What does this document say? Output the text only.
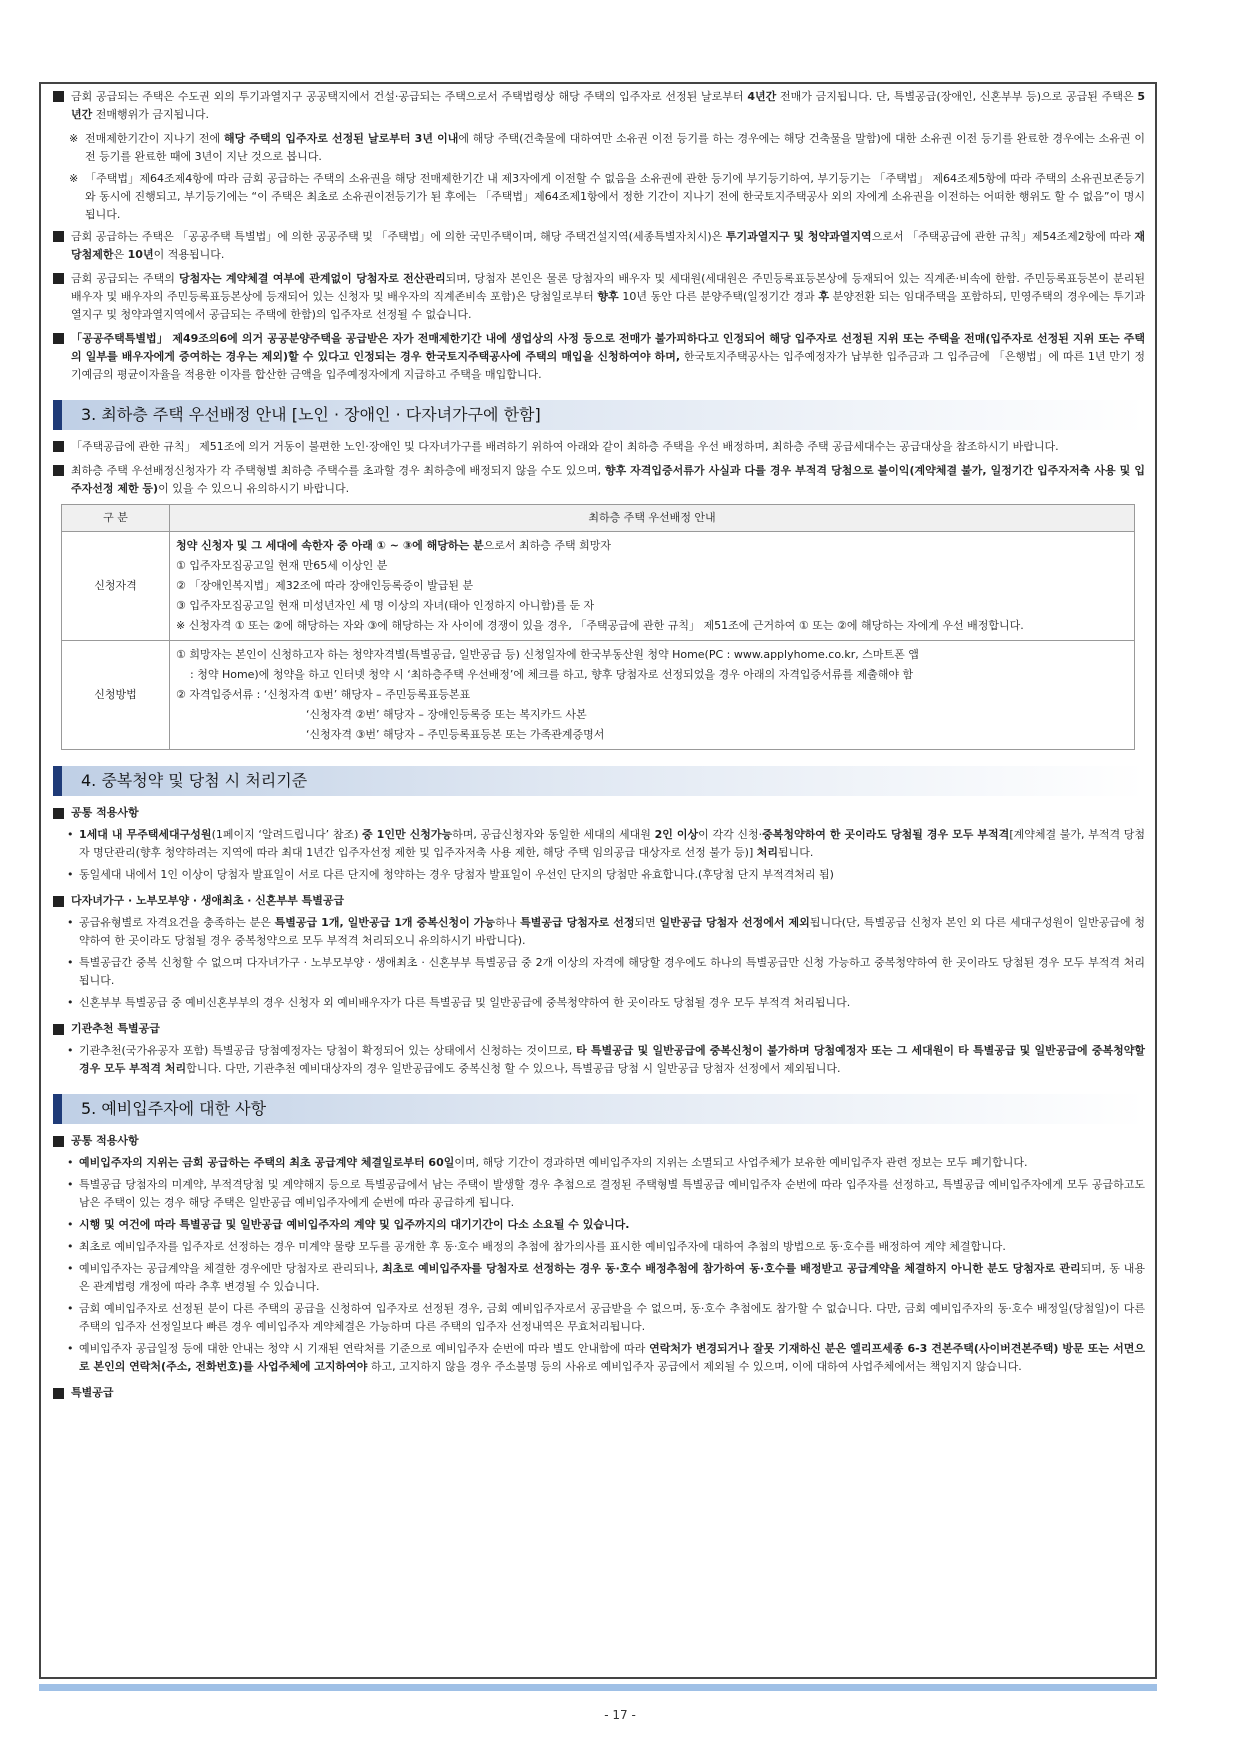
금회 공급되는 주택은 수도권 외의 투기과열지구 공공택지에서 건설·공급되는 주택으로서 주택법령상 해당 주택의 입주자로 선정된 날로부터 4년간 전매가 금지됩니다. 단, 특별공급(장애인, 신혼부부 등)으로 공급된 주택은 5년간 전매행위가 금지됩니다.
※ 전매제한기간이 지나기 전에 해당 주택의 입주자로 선정된 날로부터 3년 이내에 해당 주택(건축물에 대하여만 소유권 이전 등기를 하는 경우에는 해당 건축물을 말함)에 대한 소유권 이전 등기를 완료한 경우에는 소유권 이전 등기를 완료한 때에 3년이 지난 것으로 봅니다.
※ 「주택법」제64조제4항에 따라 금회 공급하는 주택의 소유권을 해당 전매제한기간 내 제3자에게 이전할 수 없음을 소유권에 관한 등기에 부기등기하여, 부기등기는 「주택법」 제64조제5항에 따라 주택의 소유권보존등기와 동시에 진행되고, 부기등기에는 “이 주택은 최초로 소유권이전등기가 된 후에는 「주택법」제64조제1항에서 정한 기간이 지나기 전에 한국토지주택공사 외의 자에게 소유권을 이전하는 어떠한 행위도 할 수 없음”이 명시됩니다.
금회 공급하는 주택은 「공공주택 특별법」에 의한 공공주택 및 「주택법」에 의한 국민주택이며, 해당 주택건설지역(세종특별자치시)은 투기과열지구 및 청약과열지역으로서 「주택공급에 관한 규칙」제54조제2항에 따라 재당첨제한은 10년이 적용됩니다.
금회 공급되는 주택의 당첨자는 계약체결 여부에 관계없이 당첨자로 전산관리되며, 당첨자 본인은 물론 당첨자의 배우자 및 세대원(세대원은 주민등록표등본상에 등재되어 있는 직계존·비속에 한함. 주민등록표등본이 분리된 배우자 및 배우자의 주민등록표등본상에 등재되어 있는 신청자 및 배우자의 직계존비속 포함)은 당첨일로부터 향후 10년 동안 다른 분양주택(일정기간 경과 후 분양전환 되는 임대주택을 포함하되, 민영주택의 경우에는 투기과열지구 및 청약과열지역에서 공급되는 주택에 한함)의 입주자로 선정될 수 없습니다.
「공공주택특별법」 제49조의6에 의거 공공분양주택을 공급받은 자가 전매제한기간 내에 생업상의 사정 등으로 전매가 불가피하다고 인정되어 해당 입주자로 선정된 지위 또는 주택을 전매(입주자로 선정된 지위 또는 주택의 일부를 배우자에게 증여하는 경우는 제외)할 수 있다고 인정되는 경우 한국토지주택공사에 주택의 매입을 신청하여야 하며, 한국토지주택공사는 입주예정자가 납부한 입주금과 그 입주금에 「은행법」에 따른 1년 만기 정기예금의 평균이자율을 적용한 이자를 합산한 금액을 입주예정자에게 지급하고 주택을 매입합니다.
3. 최하층 주택 우선배정 안내 [노인 · 장애인 · 다자녀가구에 한함]
「주택공급에 관한 규칙」 제51조에 의거 거동이 불편한 노인·장애인 및 다자녀가구를 배려하기 위하여 아래와 같이 최하층 주택을 우선 배정하며, 최하층 주택 공급세대수는 공급대상을 참조하시기 바랍니다.
최하층 주택 우선배정신청자가 각 주택형별 최하층 주택수를 초과할 경우 최하층에 배정되지 않을 수도 있으며, 향후 자격입증서류가 사실과 다를 경우 부적격 당첨으로 불이익(계약체결 불가, 일정기간 입주자저축 사용 및 입주자선정 제한 등)이 있을 수 있으니 유의하시기 바랍니다.
구 분	최하층 주택 우선배정 안내
신청자격	청약 신청자 및 그 세대에 속한자 중 아래 ① ~ ③에 해당하는 분으로서 최하층 주택 희망자
① 입주자모집공고일 현재 만65세 이상인 분
② 「장애인복지법」제32조에 따라 장애인등록증이 발급된 분
③ 입주자모집공고일 현재 미성년자인 세 명 이상의 자녀(태아 인정하지 아니함)를 둔 자
※ 신청자격 ① 또는 ②에 해당하는 자와 ③에 해당하는 자 사이에 경쟁이 있을 경우, 「주택공급에 관한 규칙」 제51조에 근거하여 ① 또는 ②에 해당하는 자에게 우선 배정합니다.

신청방법	① 희망자는 본인이 신청하고자 하는 청약자격별(특별공급, 일반공급 등) 신청일자에 한국부동산원 청약 Home(PC : www.applyhome.co.kr, 스마트폰 앱
: 청약 Home)에 청약을 하고 인터넷 청약 시 ‘최하층주택 우선배정’에 체크를 하고, 향후 당첨자로 선정되었을 경우 아래의 자격입증서류를 제출해야 함
② 자격입증서류 : ‘신청자격 ①번’ 해당자 – 주민등록표등본표
‘신청자격 ②번’ 해당자 – 장애인등록증 또는 복지카드 사본
‘신청자격 ③번’ 해당자 – 주민등록표등본 또는 가족관계증명서
4. 중복청약 및 당첨 시 처리기준
공통 적용사항
• 1세대 내 무주택세대구성원(1페이지 ‘알려드립니다’ 참조) 중 1인만 신청가능하며, 공급신청자와 동일한 세대의 세대원 2인 이상이 각각 신청·중복청약하여 한 곳이라도 당첨될 경우 모두 부적격[계약체결 불가, 부적격 당첨자 명단관리(향후 청약하려는 지역에 따라 최대 1년간 입주자선정 제한 및 입주자저축 사용 제한, 해당 주택 임의공급 대상자로 선정 불가 등)] 처리됩니다.
• 동일세대 내에서 1인 이상이 당첨자 발표일이 서로 다른 단지에 청약하는 경우 당첨자 발표일이 우선인 단지의 당첨만 유효합니다.(후당첨 단지 부적격처리 됨)
다자녀가구 · 노부모부양 · 생애최초 · 신혼부부 특별공급
• 공급유형별로 자격요건을 충족하는 분은 특별공급 1개, 일반공급 1개 중복신청이 가능하나 특별공급 당첨자로 선정되면 일반공급 당첨자 선정에서 제외됩니다(단, 특별공급 신청자 본인 외 다른 세대구성원이 일반공급에 청약하여 한 곳이라도 당첨될 경우 중복청약으로 모두 부적격 처리되오니 유의하시기 바랍니다).
• 특별공급간 중복 신청할 수 없으며 다자녀가구 · 노부모부양 · 생애최초 · 신혼부부 특별공급 중 2개 이상의 자격에 해당할 경우에도 하나의 특별공급만 신청 가능하고 중복청약하여 한 곳이라도 당첨된 경우 모두 부적격 처리됩니다.
• 신혼부부 특별공급 중 예비신혼부부의 경우 신청자 외 예비배우자가 다른 특별공급 및 일반공급에 중복청약하여 한 곳이라도 당첨될 경우 모두 부적격 처리됩니다.
기관추천 특별공급
• 기관추천(국가유공자 포함) 특별공급 당첨예정자는 당첨이 확정되어 있는 상태에서 신청하는 것이므로, 타 특별공급 및 일반공급에 중복신청이 불가하며 당첨예정자 또는 그 세대원이 타 특별공급 및 일반공급에 중복청약할 경우 모두 부적격 처리합니다. 다만, 기관추천 예비대상자의 경우 일반공급에도 중복신청 할 수 있으나, 특별공급 당첨 시 일반공급 당첨자 선정에서 제외됩니다.
5. 예비입주자에 대한 사항
공통 적용사항
• 예비입주자의 지위는 금회 공급하는 주택의 최초 공급계약 체결일로부터 60일이며, 해당 기간이 경과하면 예비입주자의 지위는 소멸되고 사업주체가 보유한 예비입주자 관련 정보는 모두 폐기합니다.
• 특별공급 당첨자의 미계약, 부적격당첨 및 계약해지 등으로 특별공급에서 남는 주택이 발생할 경우 추첨으로 결정된 주택형별 특별공급 예비입주자 순번에 따라 입주자를 선정하고, 특별공급 예비입주자에게 모두 공급하고도 남은 주택이 있는 경우 해당 주택은 일반공급 예비입주자에게 순번에 따라 공급하게 됩니다.
• 시행 및 여건에 따라 특별공급 및 일반공급 예비입주자의 계약 및 입주까지의 대기기간이 다소 소요될 수 있습니다.
• 최초로 예비입주자를 입주자로 선정하는 경우 미계약 물량 모두를 공개한 후 동·호수 배정의 추첨에 참가의사를 표시한 예비입주자에 대하여 추첨의 방법으로 동·호수를 배정하여 계약 체결합니다.
• 예비입주자는 공급계약을 체결한 경우에만 당첨자로 관리되나, 최초로 예비입주자를 당첨자로 선정하는 경우 동·호수 배정추첨에 참가하여 동·호수를 배정받고 공급계약을 체결하지 아니한 분도 당첨자로 관리되며, 동 내용은 관계법령 개정에 따라 추후 변경될 수 있습니다.
• 금회 예비입주자로 선정된 분이 다른 주택의 공급을 신청하여 입주자로 선정된 경우, 금회 예비입주자로서 공급받을 수 없으며, 동·호수 추첨에도 참가할 수 없습니다. 다만, 금회 예비입주자의 동·호수 배정일(당첨일)이 다른 주택의 입주자 선정일보다 빠른 경우 예비입주자 계약체결은 가능하며 다른 주택의 입주자 선정내역은 무효처리됩니다.
• 예비입주자 공급일정 등에 대한 안내는 청약 시 기재된 연락처를 기준으로 예비입주자 순번에 따라 별도 안내함에 따라 연락처가 변경되거나 잘못 기재하신 분은 엘리프세종 6-3 견본주택(사이버견본주택) 방문 또는 서면으로 본인의 연락처(주소, 전화번호)를 사업주체에 고지하여야 하고, 고지하지 않을 경우 주소불명 등의 사유로 예비입주자 공급에서 제외될 수 있으며, 이에 대하여 사업주체에서는 책임지지 않습니다.
특별공급
- 17 -
